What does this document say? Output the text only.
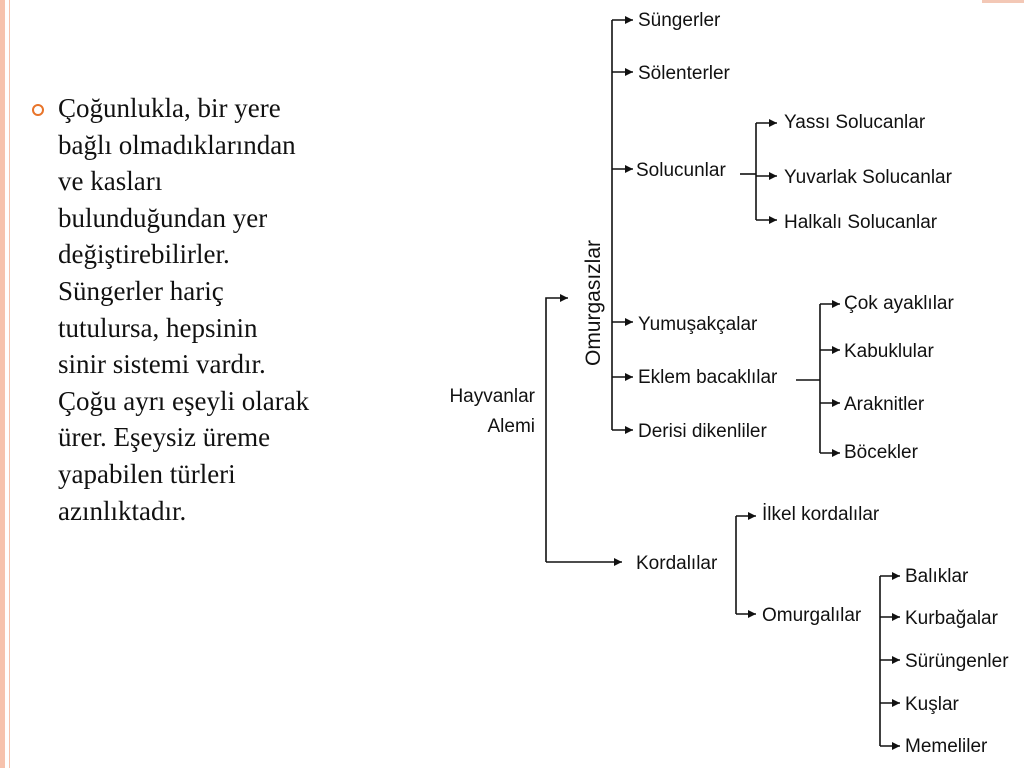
Çoğunlukla, bir yere
bağlı olmadıklarından
ve kasları
bulunduğundan yer
değiştirebilirler.
Süngerler hariç
tutulursa, hepsinin
sinir sistemi vardır.
Çoğu ayrı eşeyli olarak
ürer. Eşeysiz üreme
yapabilen türleri
azınlıktadır.

Hayvanlar
Alemi
Omurgasızlar
Süngerler
Sölenterler
Solucunlar
Yumuşakçalar
Eklem bacaklılar
Derisi dikenliler
Yassı Solucanlar
Yuvarlak Solucanlar
Halkalı Solucanlar
Çok ayaklılar
Kabuklular
Araknitler
Böcekler
Kordalılar
İlkel kordalılar
Omurgalılar
Balıklar
Kurbağalar
Sürüngenler
Kuşlar
Memeliler
